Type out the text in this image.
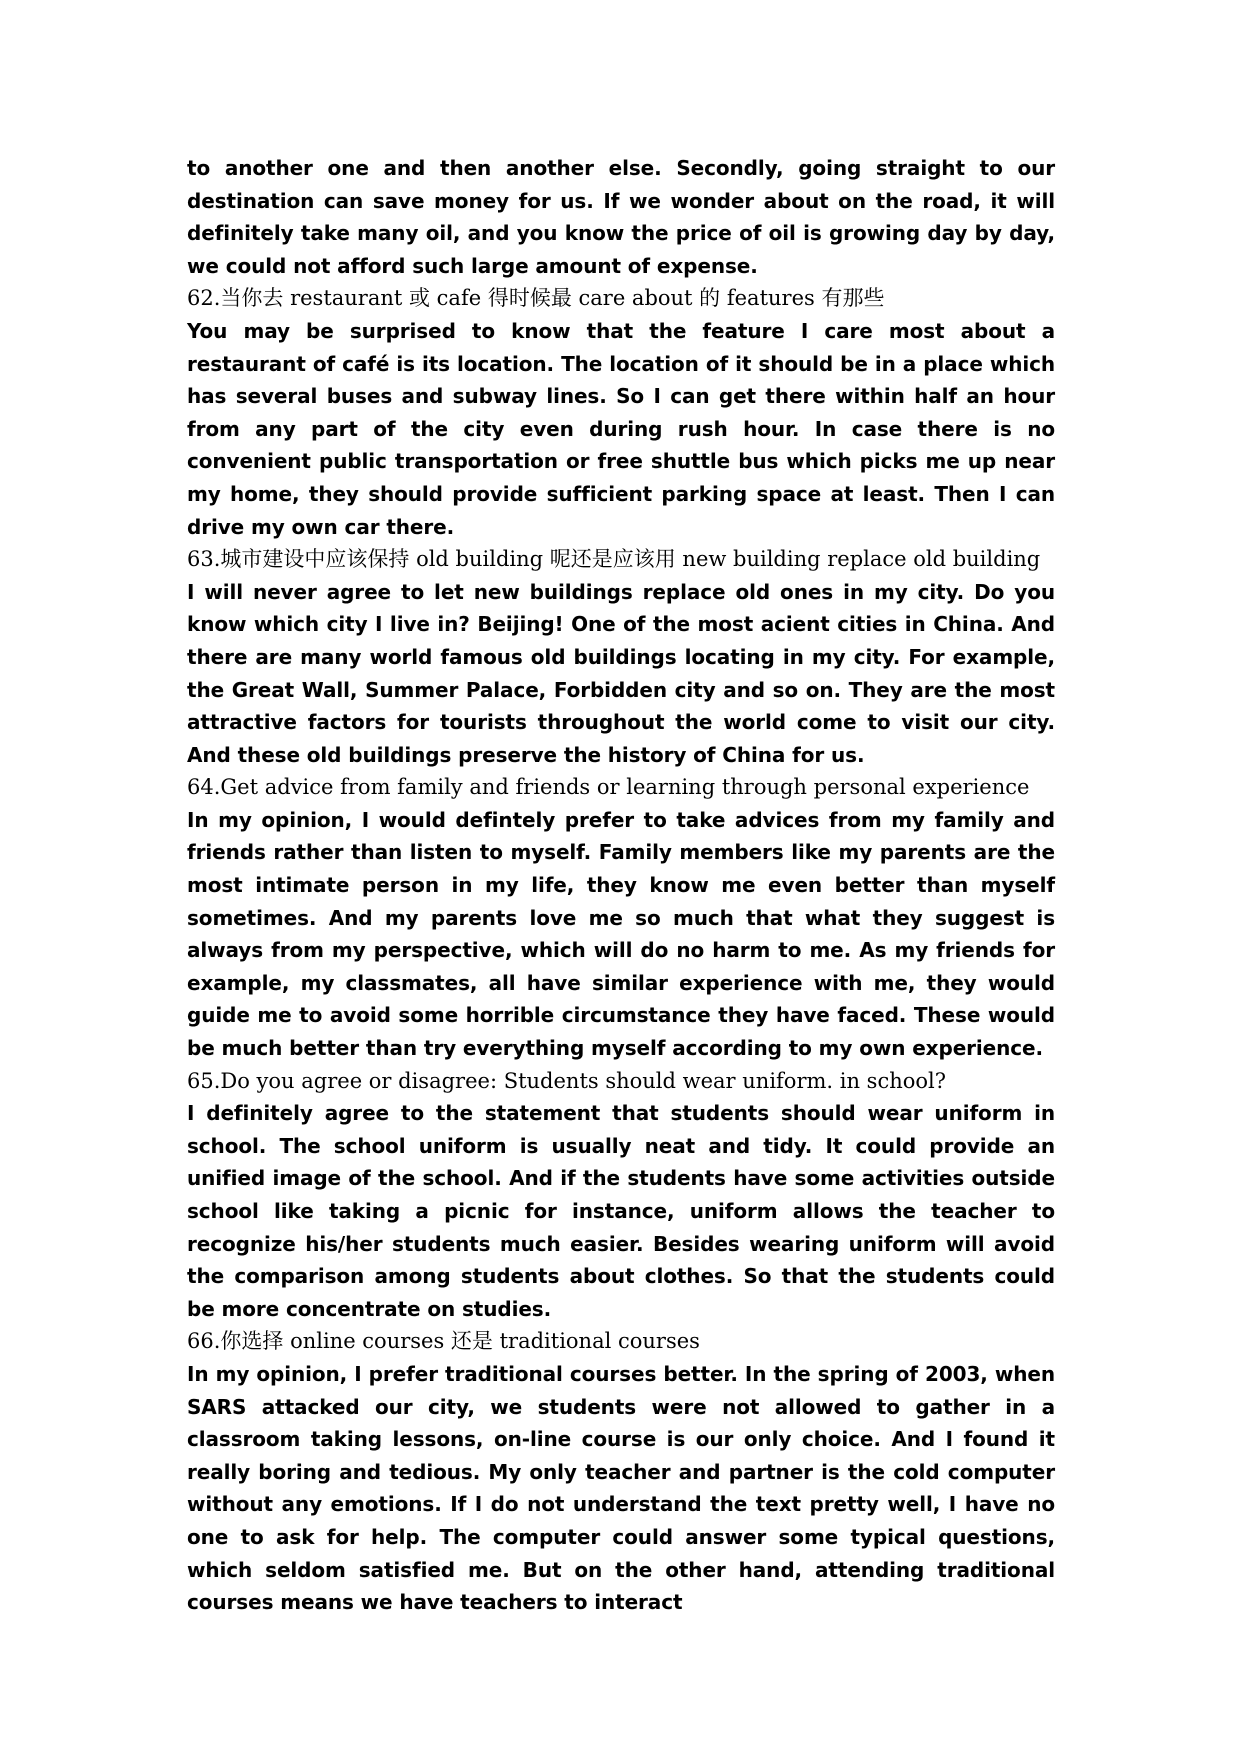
to another one and then another else. Secondly, going straight to our destination can save money for us. If we wonder about on the road, it will definitely take many oil, and you know the price of oil is growing day by day, we could not afford such large amount of expense.

62.当你去 restaurant 或 cafe 得时候最 care about 的 features 有那些

You may be surprised to know that the feature I care most about a restaurant of café is its location. The location of it should be in a place which has several buses and subway lines. So I can get there within half an hour from any part of the city even during rush hour. In case there is no convenient public transportation or free shuttle bus which picks me up near my home, they should provide sufficient parking space at least. Then I can drive my own car there.

63.城市建设中应该保持 old building 呢还是应该用 new building replace old building

I will never agree to let new buildings replace old ones in my city. Do you know which city I live in? Beijing! One of the most acient cities in China. And there are many world famous old buildings locating in my city. For example, the Great Wall, Summer Palace, Forbidden city and so on. They are the most attractive factors for tourists throughout the world come to visit our city. And these old buildings preserve the history of China for us.

64.Get advice from family and friends or learning through personal experience

In my opinion, I would defintely prefer to take advices from my family and friends rather than listen to myself. Family members like my parents are the most intimate person in my life, they know me even better than myself sometimes. And my parents love me so much that what they suggest is always from my perspective, which will do no harm to me. As my friends for example, my classmates, all have similar experience with me, they would guide me to avoid some horrible circumstance they have faced. These would be much better than try everything myself according to my own experience.

65.Do you agree or disagree: Students should wear uniform. in school?

I definitely agree to the statement that students should wear uniform in school. The school uniform is usually neat and tidy. It could provide an unified image of the school. And if the students have some activities outside school like taking a picnic for instance, uniform allows the teacher to recognize his/her students much easier. Besides wearing uniform will avoid the comparison among students about clothes. So that the students could be more concentrate on studies.

66.你选择 online courses 还是 traditional courses

In my opinion, I prefer traditional courses better. In the spring of 2003, when SARS attacked our city, we students were not allowed to gather in a classroom taking lessons, on-line course is our only choice. And I found it really boring and tedious. My only teacher and partner is the cold computer without any emotions. If I do not understand the text pretty well, I have no one to ask for help. The computer could answer some typical questions, which seldom satisfied me. But on the other hand, attending traditional courses means we have teachers to interact
